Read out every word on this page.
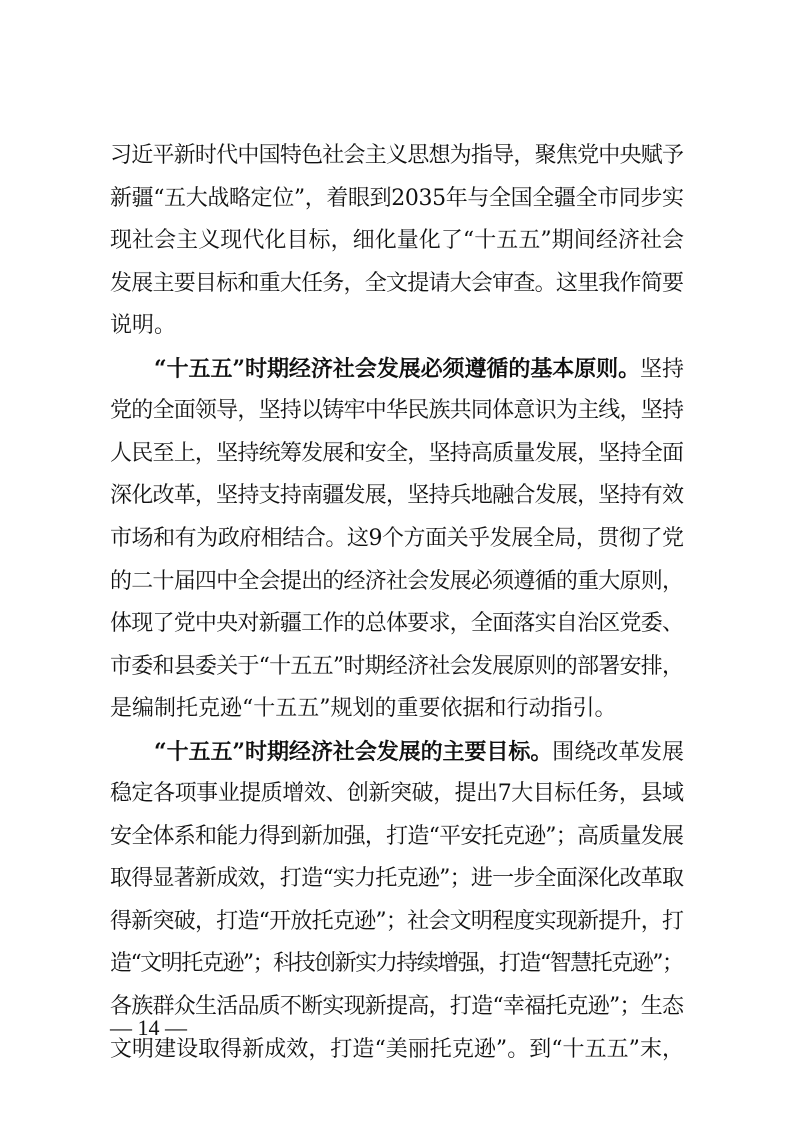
习近平新时代中国特色社会主义思想为指导，聚焦党中央赋予
新疆“五大战略定位”，着眼到2035年与全国全疆全市同步实
现社会主义现代化目标，细化量化了“十五五”期间经济社会
发展主要目标和重大任务，全文提请大会审查。这里我作简要
说明。
“十五五”时期经济社会发展必须遵循的基本原则。坚持
党的全面领导，坚持以铸牢中华民族共同体意识为主线，坚持
人民至上，坚持统筹发展和安全，坚持高质量发展，坚持全面
深化改革，坚持支持南疆发展，坚持兵地融合发展，坚持有效
市场和有为政府相结合。这9个方面关乎发展全局，贯彻了党
的二十届四中全会提出的经济社会发展必须遵循的重大原则，
体现了党中央对新疆工作的总体要求，全面落实自治区党委、
市委和县委关于“十五五”时期经济社会发展原则的部署安排，
是编制托克逊“十五五”规划的重要依据和行动指引。
“十五五”时期经济社会发展的主要目标。围绕改革发展
稳定各项事业提质增效、创新突破，提出7大目标任务，县域
安全体系和能力得到新加强，打造“平安托克逊”；高质量发展
取得显著新成效，打造“实力托克逊”；进一步全面深化改革取
得新突破，打造“开放托克逊”；社会文明程度实现新提升，打
造“文明托克逊”；科技创新实力持续增强，打造“智慧托克逊”；
各族群众生活品质不断实现新提高，打造“幸福托克逊”；生态
文明建设取得新成效，打造“美丽托克逊”。到“十五五”末，
— 14 —
